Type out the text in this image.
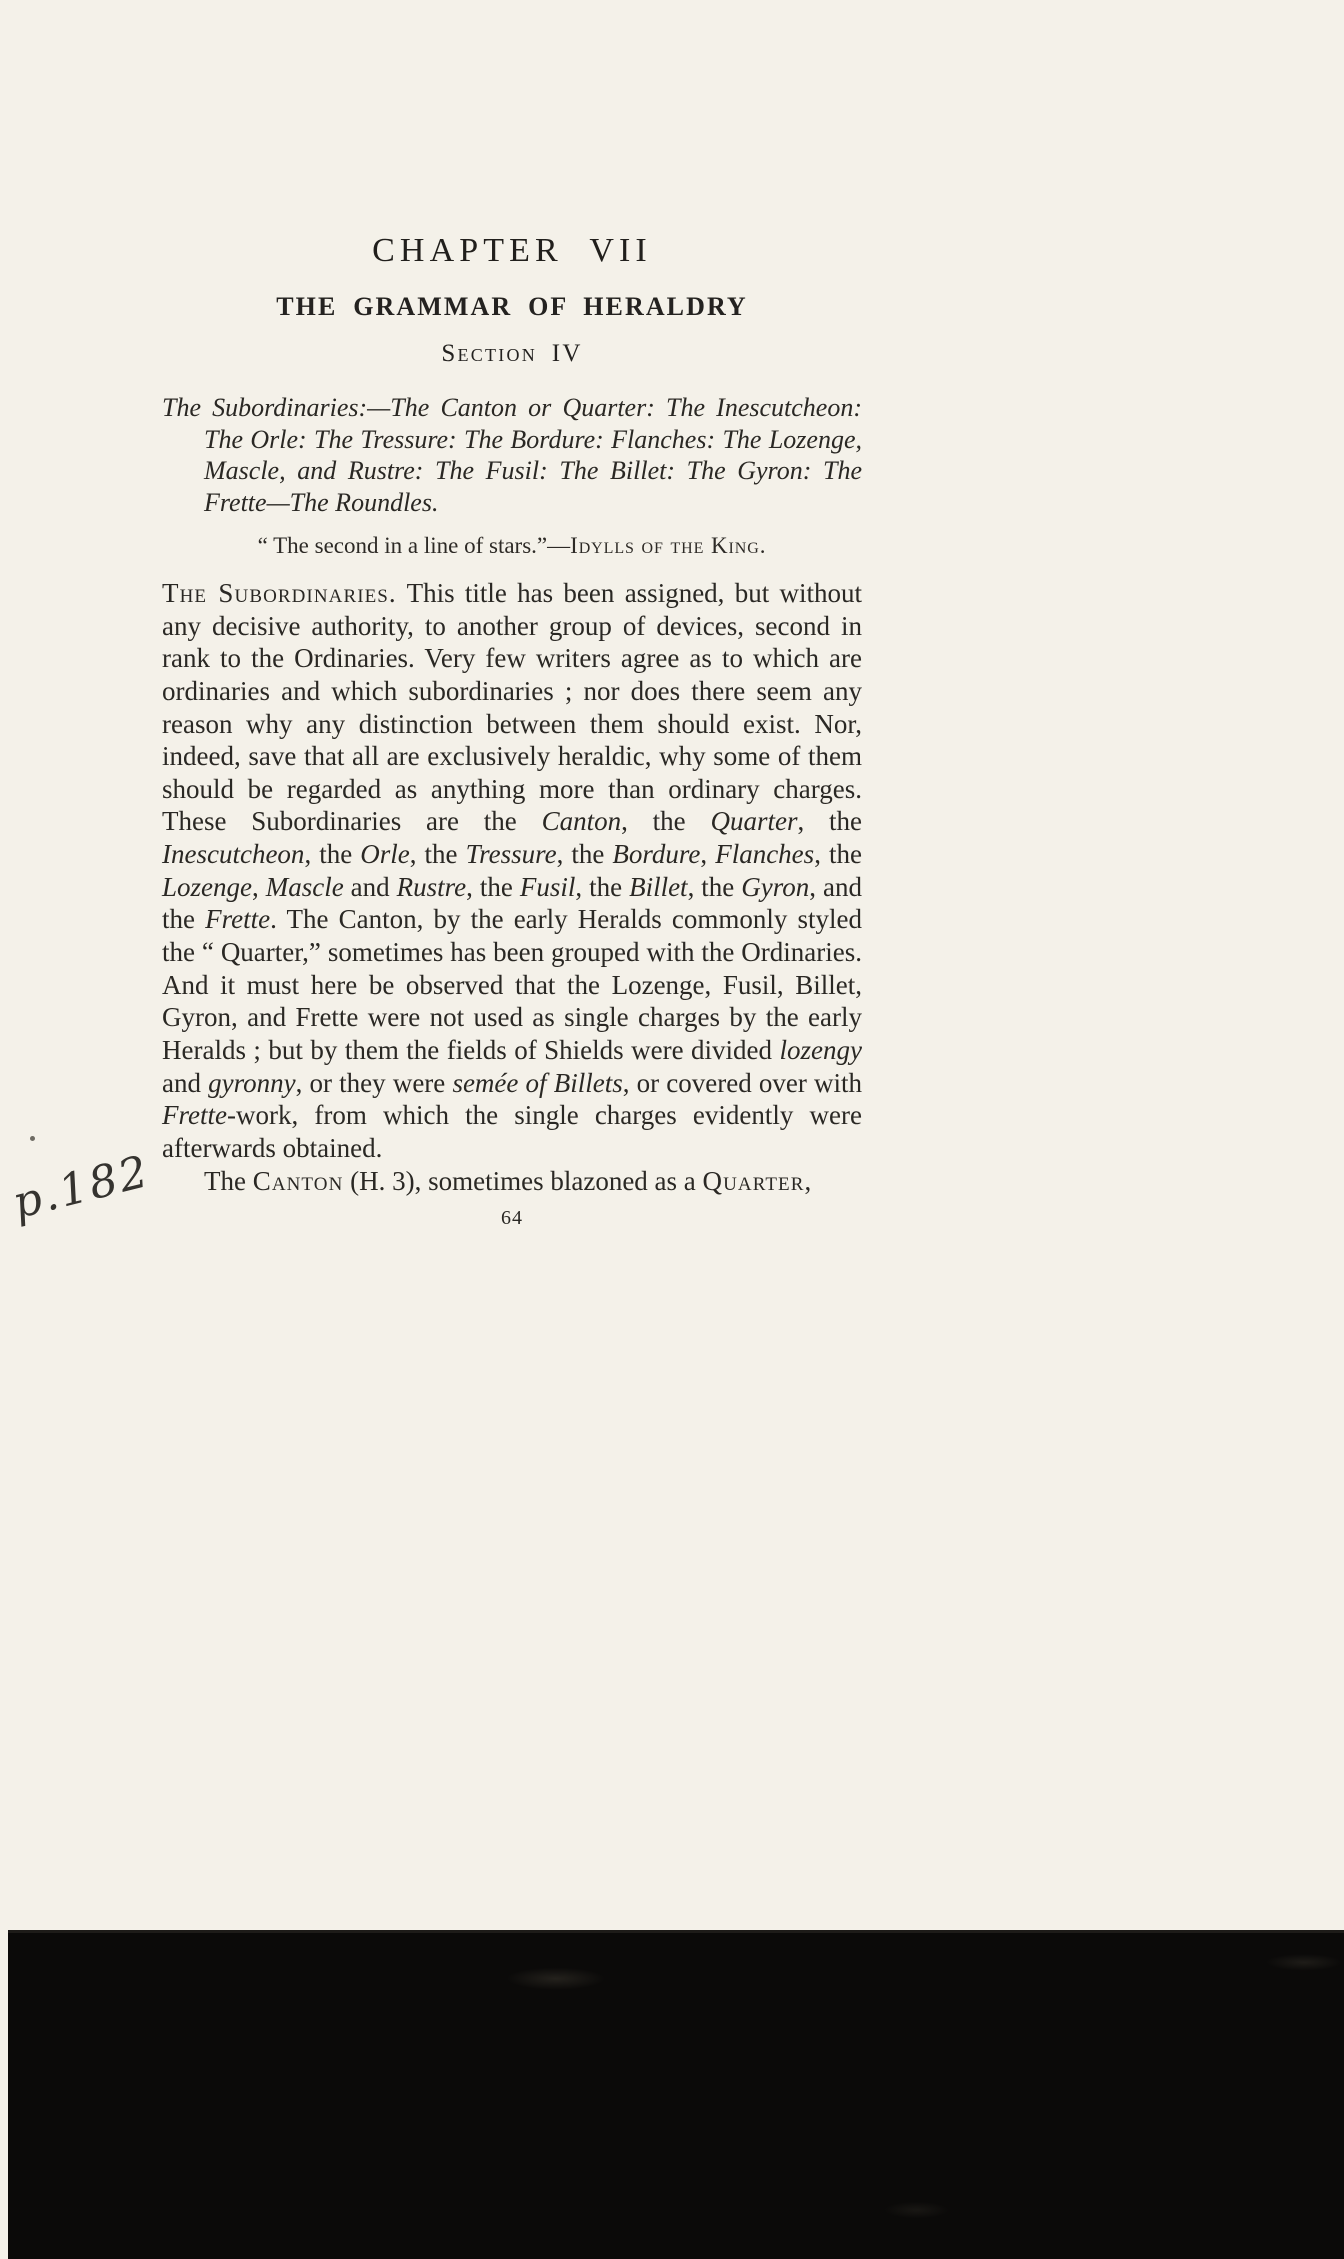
CHAPTER VII
THE GRAMMAR OF HERALDRY
Section IV

The Subordinaries:—The Canton or Quarter: The Inescutcheon: The Orle: The Tressure: The Bordure: Flanches: The Lozenge, Mascle, and Rustre: The Fusil: The Billet: The Gyron: The Frette—The Roundles.

“ The second in a line of stars.”—Idylls of the King.

The Subordinaries. This title has been assigned, but without any decisive authority, to another group of devices, second in rank to the Ordinaries. Very few writers agree as to which are ordinaries and which subordinaries ; nor does there seem any reason why any distinction between them should exist. Nor, indeed, save that all are exclusively heraldic, why some of them should be regarded as anything more than ordinary charges. These Subordinaries are the Canton, the Quarter, the Inescutcheon, the Orle, the Tressure, the Bordure, Flanches, the Lozenge, Mascle and Rustre, the Fusil, the Billet, the Gyron, and the Frette. The Canton, by the early Heralds commonly styled the “ Quarter,” sometimes has been grouped with the Ordinaries. And it must here be observed that the Lozenge, Fusil, Billet, Gyron, and Frette were not used as single charges by the early Heralds ; but by them the fields of Shields were divided lozengy and gyronny, or they were semée of Billets, or covered over with Frette-work, from which the single charges evidently were afterwards obtained.

The Canton (H. 3), sometimes blazoned as a Quarter,

64
p.182
